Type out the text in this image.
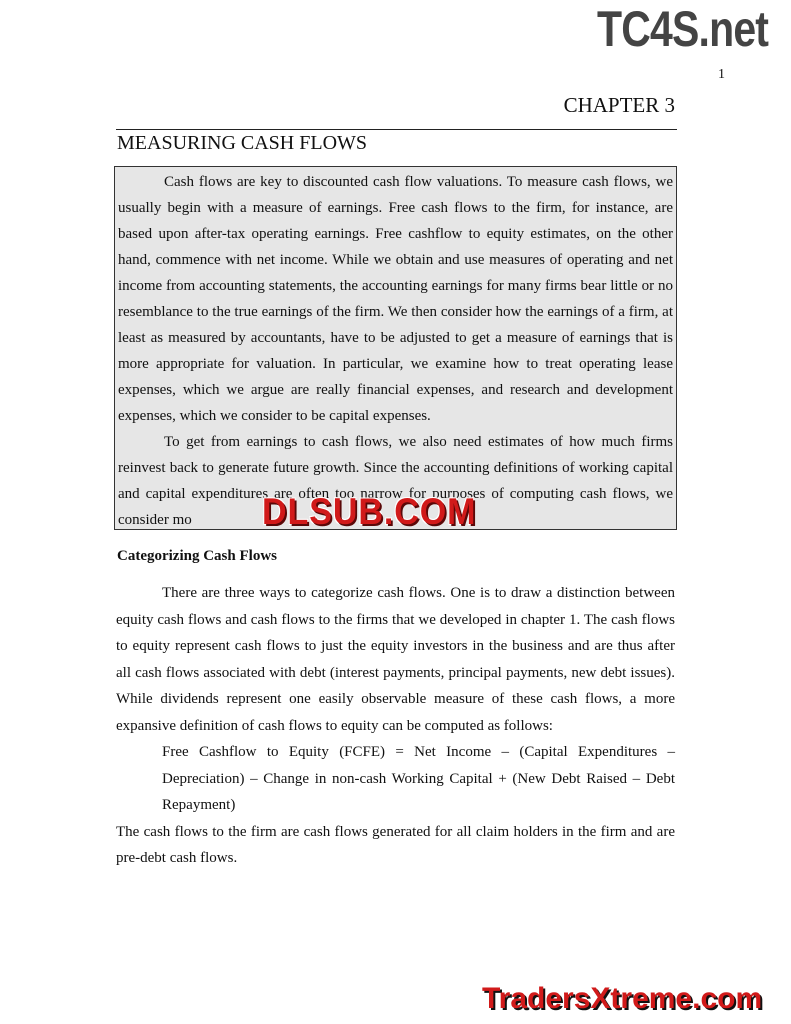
TC4S.net
1
CHAPTER 3
MEASURING CASH FLOWS

Cash flows are key to discounted cash flow valuations. To measure cash flows, we usually begin with a measure of earnings. Free cash flows to the firm, for instance, are based upon after-tax operating earnings. Free cashflow to equity estimates, on the other hand, commence with net income. While we obtain and use measures of operating and net income from accounting statements, the accounting earnings for many firms bear little or no resemblance to the true earnings of the firm. We then consider how the earnings of a firm, at least as measured by accountants, have to be adjusted to get a measure of earnings that is more appropriate for valuation. In particular, we examine how to treat operating lease expenses, which we argue are really financial expenses, and research and development expenses, which we consider to be capital expenses.

To get from earnings to cash flows, we also need estimates of how much firms reinvest back to generate future growth. Since the accounting definitions of working capital and capital expenditures are often too narrow for purposes of computing cash flows, we consider mo	DLSUB.COM
Categorizing Cash Flows

There are three ways to categorize cash flows. One is to draw a distinction between equity cash flows and cash flows to the firms that we developed in chapter 1. The cash flows to equity represent cash flows to just the equity investors in the business and are thus after all cash flows associated with debt (interest payments, principal payments, new debt issues). While dividends represent one easily observable measure of these cash flows, a more expansive definition of cash flows to equity can be computed as follows:

Free Cashflow to Equity (FCFE) = Net Income – (Capital Expenditures – Depreciation) – Change in non-cash Working Capital + (New Debt Raised – Debt Repayment)

The cash flows to the firm are cash flows generated for all claim holders in the firm and are pre-debt cash flows.

TradersXtreme.com
